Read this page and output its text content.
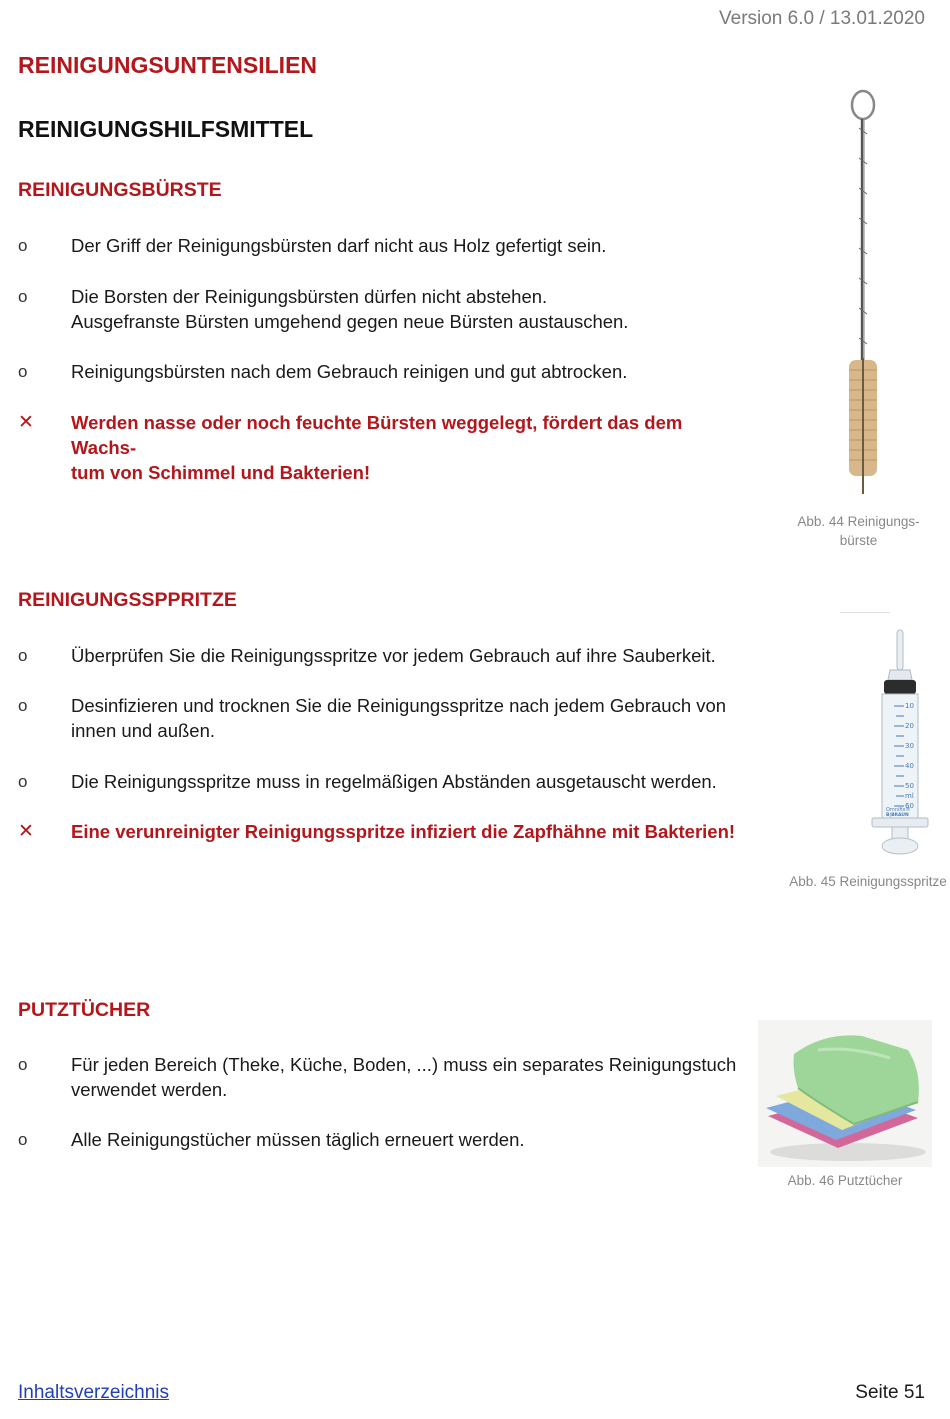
Version 6.0 / 13.01.2020
REINIGUNGSUNTENSILIEN
REINIGUNGSHILFSMITTEL
REINIGUNGSBÜRSTE
o	Der Griff der Reinigungsbürsten darf nicht aus Holz gefertigt sein.
o	Die Borsten der Reinigungsbürsten dürfen nicht abstehen.
Ausgefranste Bürsten umgehend gegen neue Bürsten austauschen.
o	Reinigungsbürsten nach dem Gebrauch reinigen und gut abtrocken.
✕	Werden nasse oder noch feuchte Bürsten weggelegt, fördert das dem Wachs-
tum von Schimmel und Bakterien!
Abb. 44 Reinigungs-
bürste
REINIGUNGSSPPRITZE
o	Überprüfen Sie die Reinigungsspritze vor jedem Gebrauch auf ihre Sauberkeit.
o	Desinfizieren und trocknen Sie die Reinigungsspritze nach jedem Gebrauch von
innen und außen.
o	Die Reinigungsspritze muss in regelmäßigen Abständen ausgetauscht werden.
✕	Eine verunreinigter Reinigungsspritze infiziert die Zapfhähne mit Bakterien!
10
20
30
40
50
ml
60
Omnifix®
B|BRAUN
Abb. 45 Reinigungsspritze
PUTZTÜCHER
o	Für jeden Bereich (Theke, Küche, Boden, ...) muss ein separates Reinigungstuch
verwendet werden.
o	Alle Reinigungstücher müssen täglich erneuert werden.
Abb. 46 Putztücher
Inhaltsverzeichnis	Seite 51
